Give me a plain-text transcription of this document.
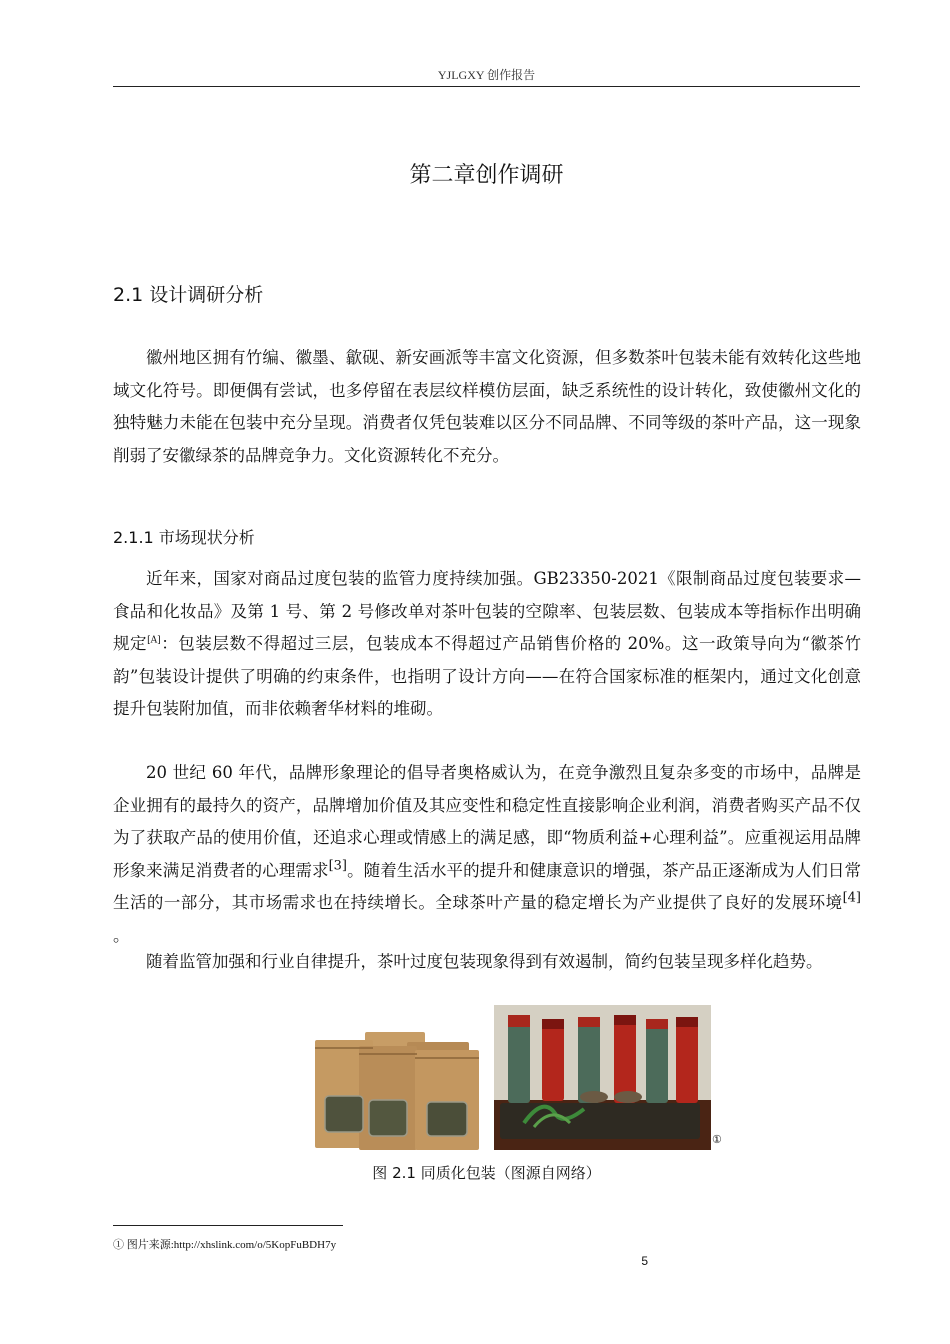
YJLGXY 创作报告
第二章创作调研
2.1 设计调研分析

徽州地区拥有竹编、徽墨、歙砚、新安画派等丰富文化资源，但多数茶叶包装未能有效转化这些地域文化符号。即便偶有尝试，也多停留在表层纹样模仿层面，缺乏系统性的设计转化，致使徽州文化的独特魅力未能在包装中充分呈现。消费者仅凭包装难以区分不同品牌、不同等级的茶叶产品，这一现象削弱了安徽绿茶的品牌竞争力。文化资源转化不充分。

2.1.1 市场现状分析

近年来，国家对商品过度包装的监管力度持续加强。GB23350-2021《限制商品过度包装要求—食品和化妆品》及第 1 号、第 2 号修改单对茶叶包装的空隙率、包装层数、包装成本等指标作出明确规定[A]：包装层数不得超过三层，包装成本不得超过产品销售价格的 20%。这一政策导向为“徽茶竹韵”包装设计提供了明确的约束条件，也指明了设计方向——在符合国家标准的框架内，通过文化创意提升包装附加值，而非依赖奢华材料的堆砌。

20 世纪 60 年代，品牌形象理论的倡导者奥格威认为，在竞争激烈且复杂多变的市场中，品牌是企业拥有的最持久的资产，品牌增加价值及其应变性和稳定性直接影响企业利润，消费者购买产品不仅为了获取产品的使用价值，还追求心理或情感上的满足感，即“物质利益+心理利益”。应重视运用品牌形象来满足消费者的心理需求[3]。随着生活水平的提升和健康意识的增强，茶产品正逐渐成为人们日常生活的一部分，其市场需求也在持续增长。全球茶叶产量的稳定增长为产业提供了良好的发展环境[4] 。

随着监管加强和行业自律提升，茶叶过度包装现象得到有效遏制，简约包装呈现多样化趋势。

①
图 2.1 同质化包装（图源自网络）
① 图片来源:http://xhslink.com/o/5KopFuBDH7y
5
